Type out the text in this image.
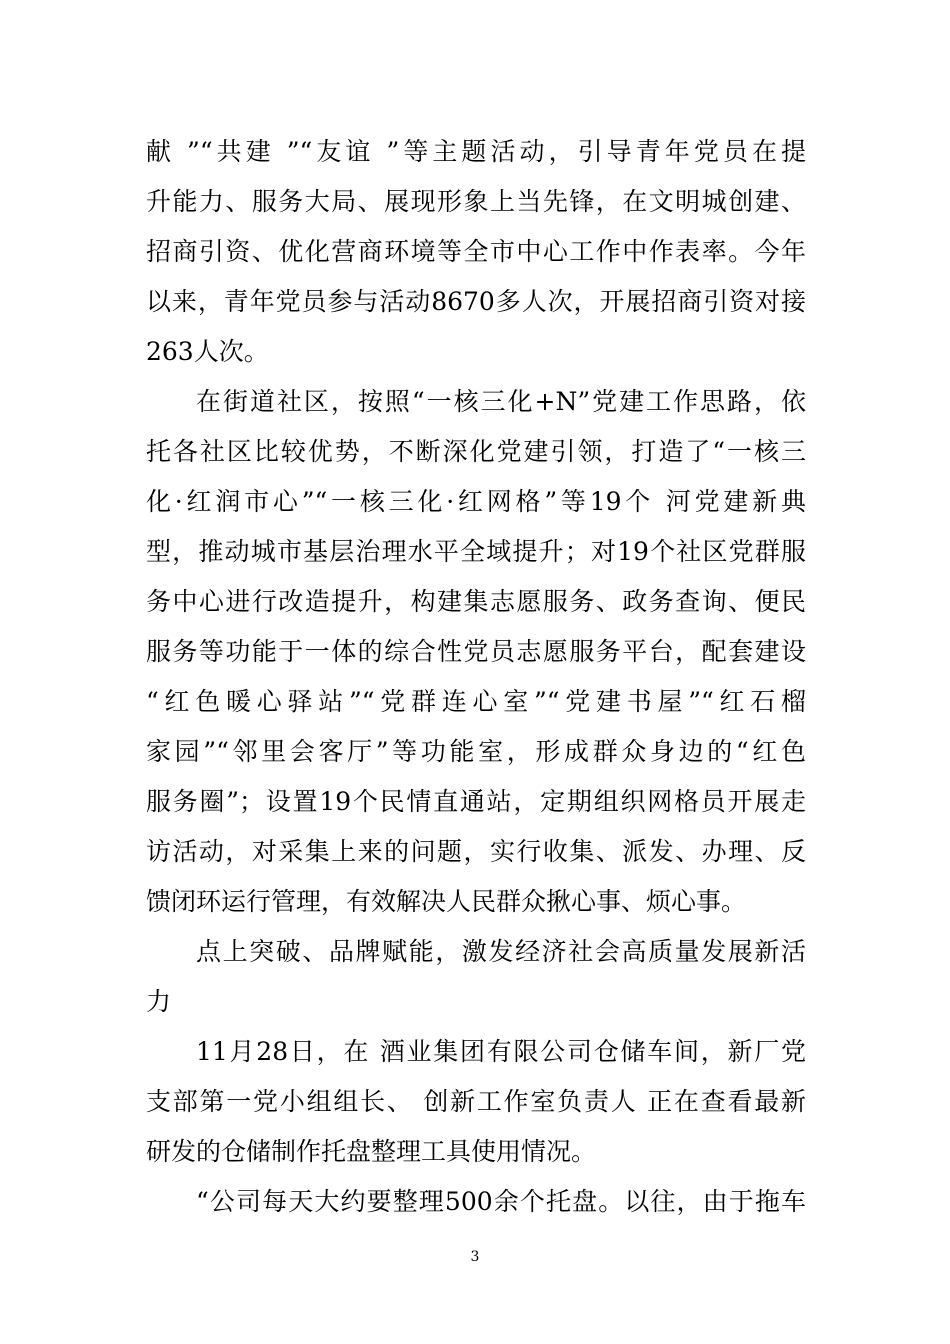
献 ”“共建 ”“友谊 ”等主题活动，引导青年党员在提
升能力、服务大局、展现形象上当先锋，在文明城创建、
招商引资、优化营商环境等全市中心工作中作表率。今年
以来，青年党员参与活动8670多人次，开展招商引资对接
263人次。
在街道社区，按照“一核三化+N”党建工作思路，依
托各社区比较优势，不断深化党建引领，打造了“一核三
化·红润市心”“一核三化·红网格”等19个 河党建新典
型，推动城市基层治理水平全域提升；对19个社区党群服
务中心进行改造提升，构建集志愿服务、政务查询、便民
服务等功能于一体的综合性党员志愿服务平台，配套建设
“红色暖心驿站”“党群连心室”“党建书屋”“红石榴
家园”“邻里会客厅”等功能室，形成群众身边的“红色
服务圈”；设置19个民情直通站，定期组织网格员开展走
访活动，对采集上来的问题，实行收集、派发、办理、反
馈闭环运行管理，有效解决人民群众揪心事、烦心事。
点上突破、品牌赋能，激发经济社会高质量发展新活
力
11月28日，在 酒业集团有限公司仓储车间，新厂党
支部第一党小组组长、 创新工作室负责人 正在查看最新
研发的仓储制作托盘整理工具使用情况。
“公司每天大约要整理500余个托盘。以往，由于拖车
3
